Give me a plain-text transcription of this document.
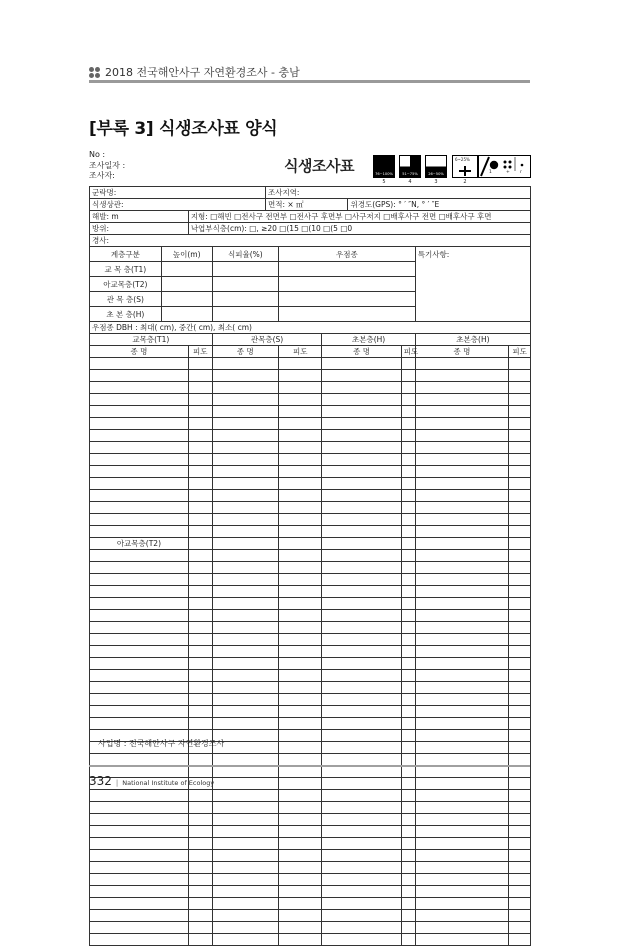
2018 전국해안사구 자연환경조사 - 충남
[부록 3] 식생조사표 양식
No :
조사일자 :
조사자:
식생조사표	76~100%
5
51~75%
4
26~50%
3
6~25%
2
1	+ r
군락명:				조사지역:						
식생상관:				면적: × ㎡			위경도(GPS): ° ′ ″N, ° ′ ″E			
해발: m		지형: □해빈 □전사구 전면부 □전사구 후면부 □사구저지 □배후사구 전면 □배후사구 후면								
방위:		낙엽부식층(cm): □, ≥20 □(15 □(10 □(5 □0								
경사:										
계층구분	높이(m)		식피율(%)		우점종				특기사항:	
교 목 층(T1)										
아교목층(T2)										
관 목 층(S)										
초 본 층(H)										
우점종 DBH : 최대( cm), 중간( cm), 최소( cm)										
교목층(T1)			관목층(S)			초본층(H)			초본층(H)	
종 명		피도	종 명		피도	종 명		피도	종 명	피도

아교목층(T2)										

사업명 : 전국해안사구 자연환경조사
332 | National Institute of Ecology
